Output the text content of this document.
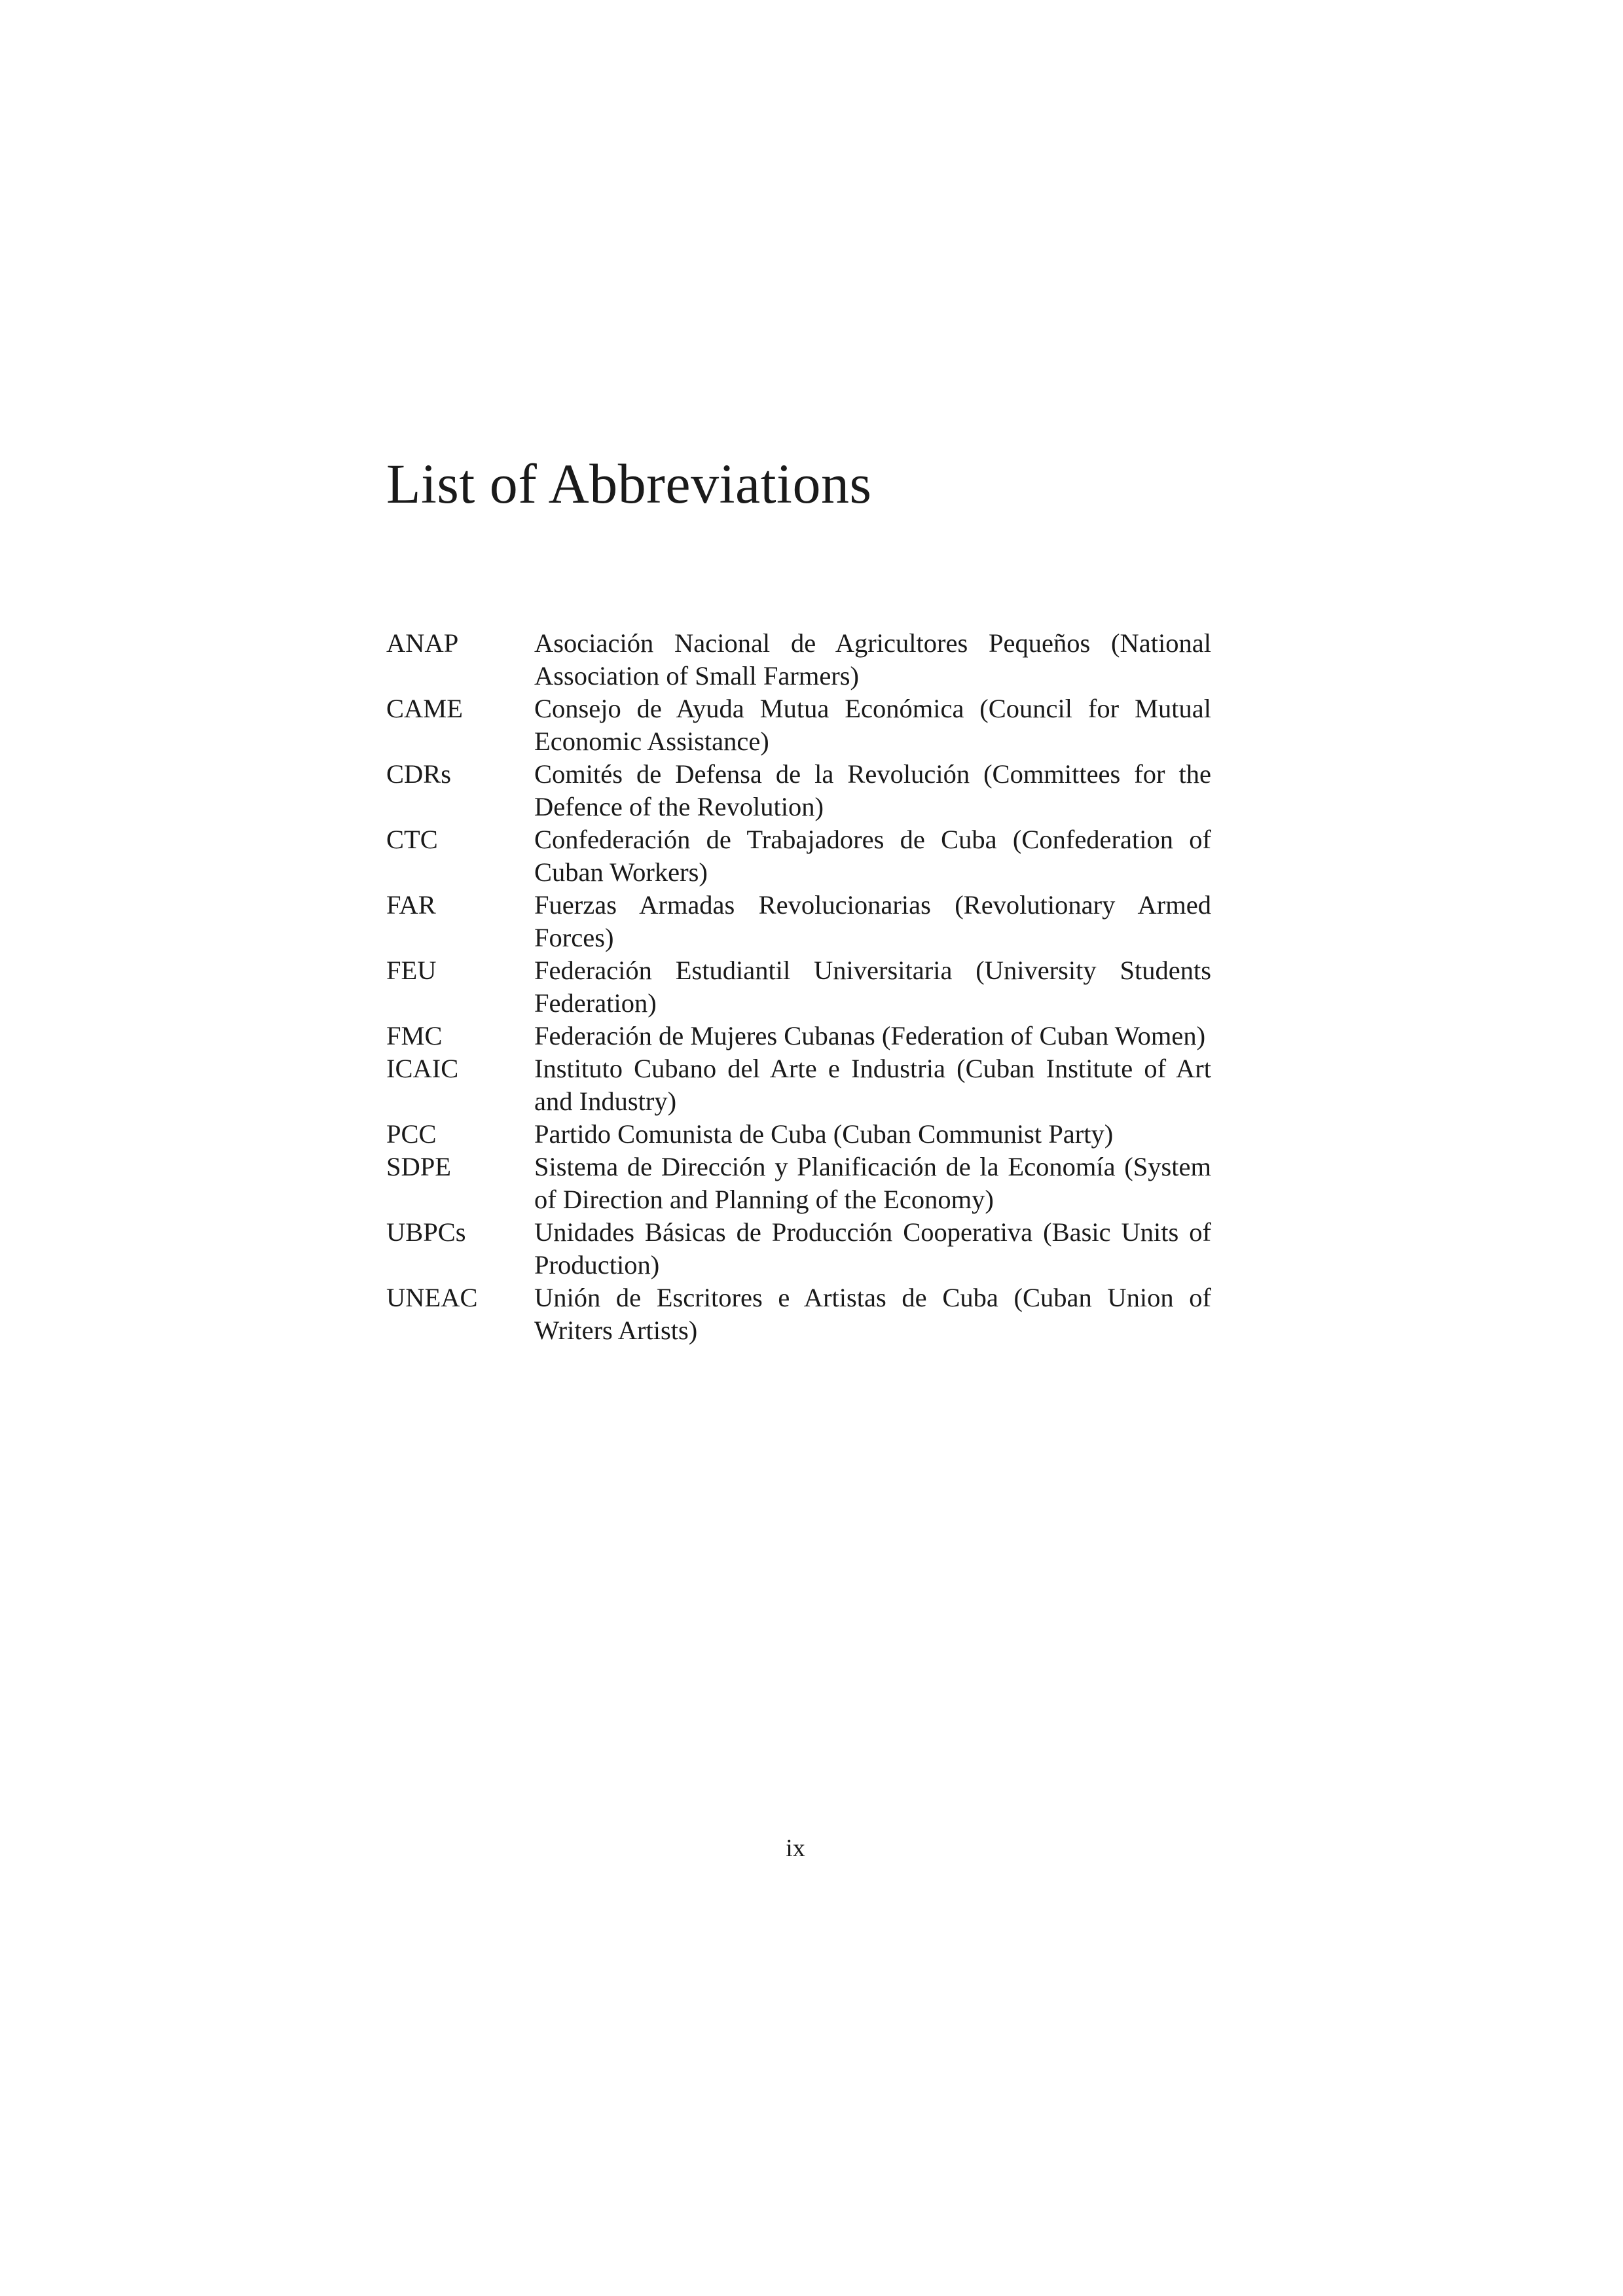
List of Abbreviations
ANAP	Asociación Nacional de Agricultores Pequeños (National Association of Small Farmers)
CAME	Consejo de Ayuda Mutua Económica (Council for Mutual Economic Assistance)
CDRs	Comités de Defensa de la Revolución (Committees for the Defence of the Revolution)
CTC	Confederación de Trabajadores de Cuba (Confederation of Cuban Workers)
FAR	Fuerzas Armadas Revolucionarias (Revolutionary Armed Forces)
FEU	Federación Estudiantil Universitaria (University Students Federation)
FMC	Federación de Mujeres Cubanas (Federation of Cuban Women)
ICAIC	Instituto Cubano del Arte e Industria (Cuban Institute of Art and Industry)
PCC	Partido Comunista de Cuba (Cuban Communist Party)
SDPE	Sistema de Dirección y Planificación de la Economía (System of Direction and Planning of the Economy)
UBPCs	Unidades Básicas de Producción Cooperativa (Basic Units of Production)
UNEAC	Unión de Escritores e Artistas de Cuba (Cuban Union of Writers Artists)
ix
